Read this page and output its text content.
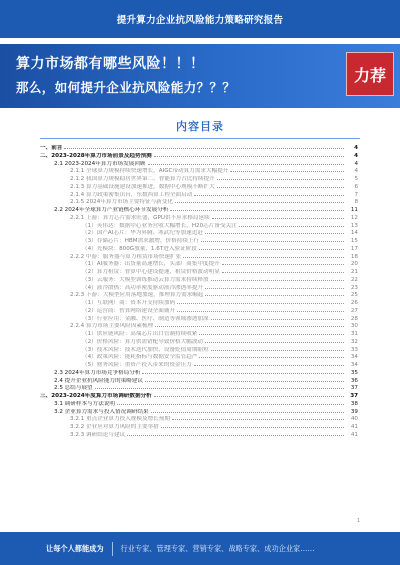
提升算力企业抗风险能力策略研究报告
算力市场都有哪些风险！！！
那么，如何提升企业抗风险能力？？？
力荐
内容目录
一、前言	4
二、2023-2028年算力市场前景及趋势预测	4
2.1 2023-2024年算力市场发展回顾	4
2.1.1 全球算力规模持续快速增长，AIGC带动算力需求大幅提升	4
2.1.2 我国算力规模稳居世界第二，智能算力占比持续提升	5
2.1.3 算力基础设施建设加速推进，数据中心规模不断扩大	6
2.1.4 算力政策密集出台，东数西算工程全面启动	7
2.1.5 2024年算力市场主要特征与新变化	8
2.2 2024年全球算力产业链核心环节发展分析	11
2.2.1 上游：算力芯片需求旺盛，GPU供不应求格局延续	12
（1）英伟达：数据中心业务营收大幅增长，H20芯片备受关注	13
（2）国产AI芯片：华为昇腾、寒武纪等加速追赶	14
（3）存储芯片：HBM需求激增，价格持续上行	15
（4）光模块：800G放量，1.6T进入验证阶段	17
2.2.2 中游：服务器与算力租赁市场快速扩张	18
（1）AI服务器：出货量高速增长，头部厂商集中度提升	20
（2）算力租赁：智算中心建设提速，租赁价格波动明显	21
（3）云服务：大模型训练推动云算力需求持续释放	22
（4）液冷散热：高功率密度驱动液冷渗透率提升	23
2.2.3 下游：大模型应用落地加速，推理算力需求崛起	25
（1）互联网厂商：资本开支持续加码	26
（2）运营商：智算网络建设全面铺开	27
（3）行业应用：金融、医疗、制造等领域渗透加深	28
2.2.4 算力市场主要风险因素梳理	30
（1）供应链风险：高端芯片出口管制持续收紧	31
（2）价格风险：算力供需错配导致价格大幅波动	32
（3）技术风险：技术迭代加快，设备贬值周期缩短	33
（4）政策风险：能耗指标与数据安全监管趋严	34
（5）财务风险：重资产投入带来的资金压力	34
2.3 2024年算力市场竞争格局分析	35
2.4 提升企业抗风险能力的策略建议	36
2.5 总结与展望	37
三、2023-2024年度算力市场调研数据分析	37
3.1 调研样本与方法说明	38
3.2 企业算力需求与投入情况调研结果	39
3.2.1 重点企业算力投入规模及增长预期	40
3.2.2 企业应对算力风险的主要举措	41
3.2.3 调研结论与建议	41
1
让每个人都能成为 行业专家、管理专家、营销专家、战略专家、成功企业家……
